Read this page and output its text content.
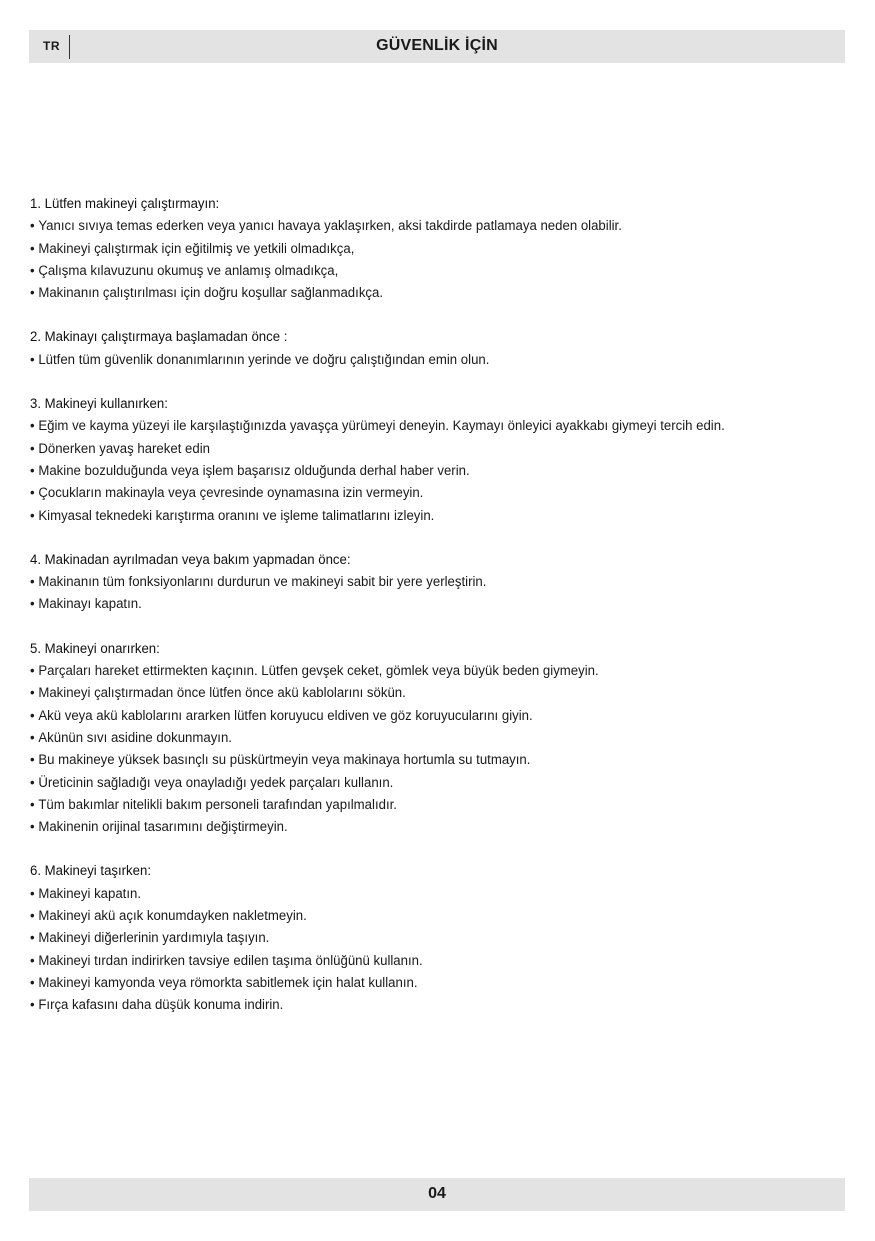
TR	GÜVENLİK İÇİN
1. Lütfen makineyi çalıştırmayın:
• Yanıcı sıvıya temas ederken veya yanıcı havaya yaklaşırken, aksi takdirde patlamaya neden olabilir.
• Makineyi çalıştırmak için eğitilmiş ve yetkili olmadıkça,
• Çalışma kılavuzunu okumuş ve anlamış olmadıkça,
• Makinanın çalıştırılması için doğru koşullar sağlanmadıkça.
2. Makinayı çalıştırmaya başlamadan önce :
• Lütfen tüm güvenlik donanımlarının yerinde ve doğru çalıştığından emin olun.
3. Makineyi kullanırken:
• Eğim ve kayma yüzeyi ile karşılaştığınızda yavaşça yürümeyi deneyin. Kaymayı önleyici ayakkabı giymeyi tercih edin.
• Dönerken yavaş hareket edin
• Makine bozulduğunda veya işlem başarısız olduğunda derhal haber verin.
• Çocukların makinayla veya çevresinde oynamasına izin vermeyin.
• Kimyasal teknedeki karıştırma oranını ve işleme talimatlarını izleyin.
4. Makinadan ayrılmadan veya bakım yapmadan önce:
• Makinanın tüm fonksiyonlarını durdurun ve makineyi sabit bir yere yerleştirin.
• Makinayı kapatın.
5. Makineyi onarırken:
• Parçaları hareket ettirmekten kaçının. Lütfen gevşek ceket, gömlek veya büyük beden giymeyin.
• Makineyi çalıştırmadan önce lütfen önce akü kablolarını sökün.
• Akü veya akü kablolarını ararken lütfen koruyucu eldiven ve göz koruyucularını giyin.
• Akünün sıvı asidine dokunmayın.
• Bu makineye yüksek basınçlı su püskürtmeyin veya makinaya hortumla su tutmayın.
• Üreticinin sağladığı veya onayladığı yedek parçaları kullanın.
• Tüm bakımlar nitelikli bakım personeli tarafından yapılmalıdır.
• Makinenin orijinal tasarımını değiştirmeyin.
6. Makineyi taşırken:
• Makineyi kapatın.
• Makineyi akü açık konumdayken nakletmeyin.
• Makineyi diğerlerinin yardımıyla taşıyın.
• Makineyi tırdan indirirken tavsiye edilen taşıma önlüğünü kullanın.
• Makineyi kamyonda veya römorkta sabitlemek için halat kullanın.
• Fırça kafasını daha düşük konuma indirin.
04
